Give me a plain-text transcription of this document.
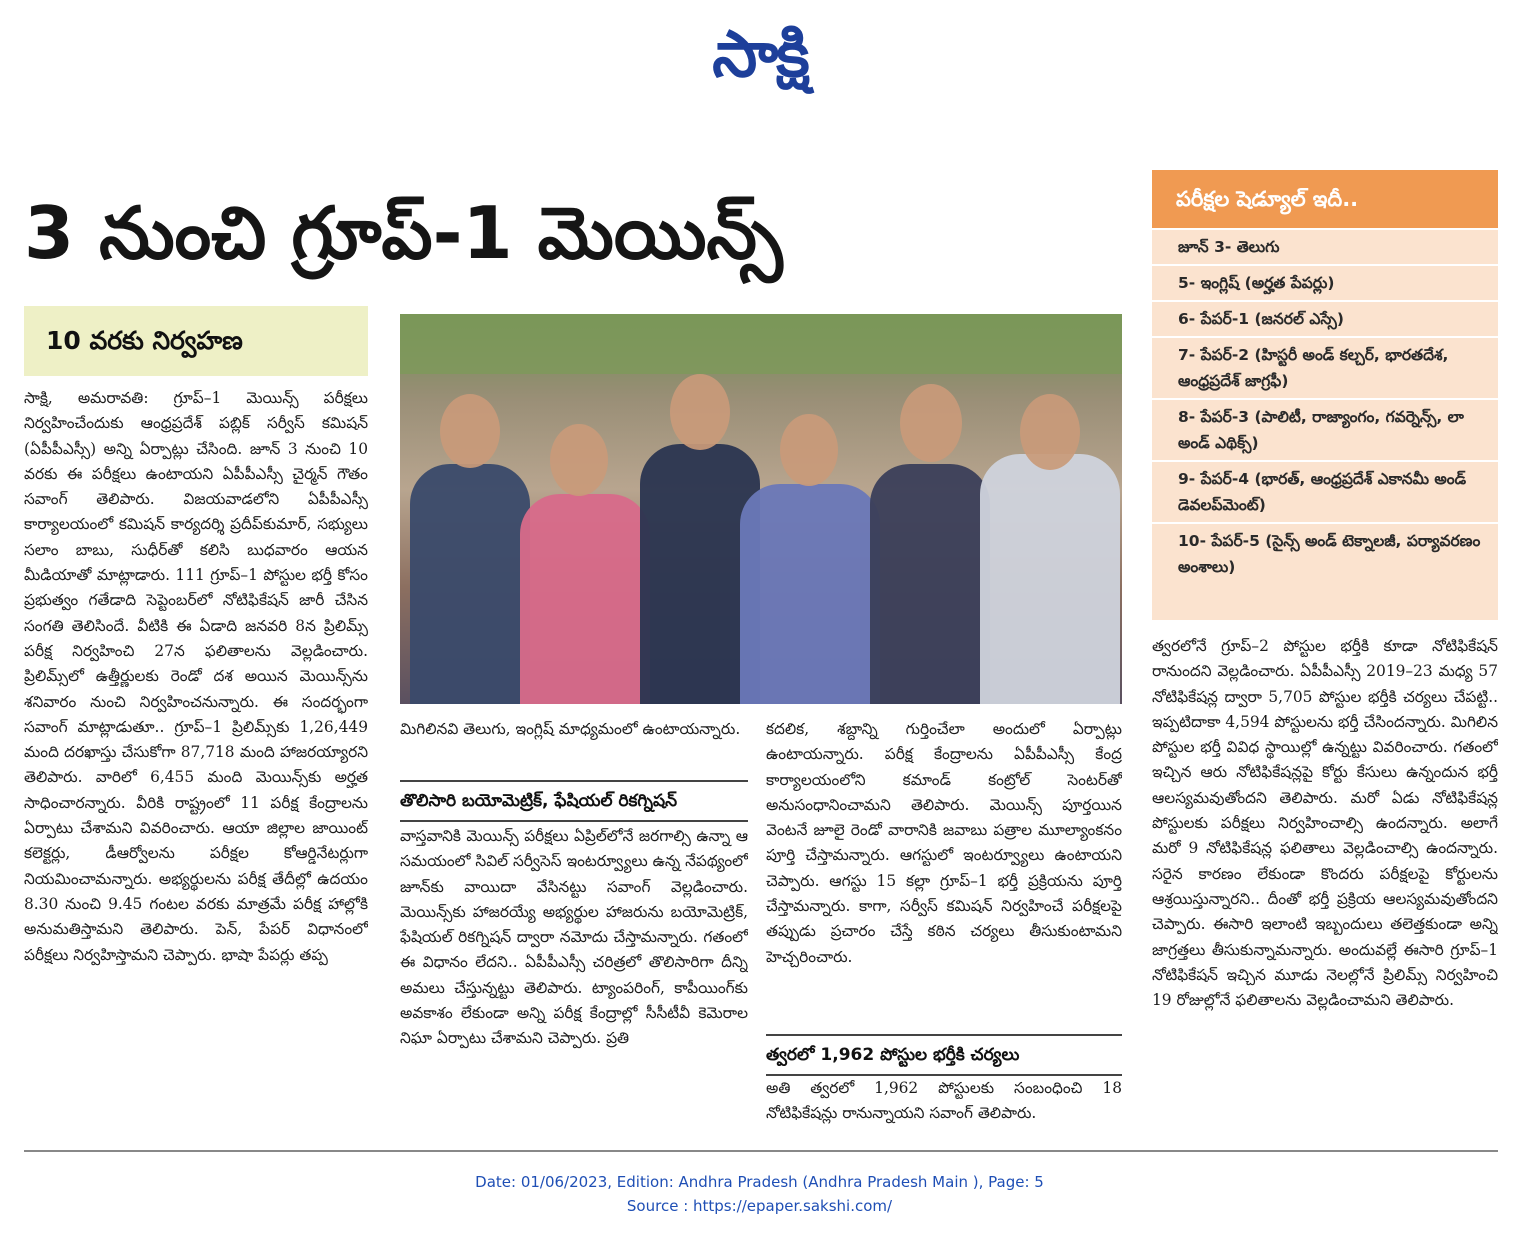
సాక్షి
3 నుంచి గ్రూప్‌-1 మెయిన్స్‌
10 వరకు నిర్వహణ

సాక్షి, అమరావతి: గ్రూప్‌–1 మెయిన్స్‌ పరీక్షలు నిర్వహించేందుకు ఆంధ్రప్రదేశ్‌ పబ్లిక్‌ సర్వీస్‌ కమిషన్‌ (ఏపీపీఎస్సీ) అన్ని ఏర్పాట్లు చేసింది. జూన్‌ 3 నుంచి 10 వరకు ఈ పరీక్షలు ఉంటాయని ఏపీపీఎస్సీ చైర్మన్‌ గౌతం సవాంగ్‌ తెలిపారు. విజయవాడలోని ఏపీపీఎస్సీ కార్యాలయంలో కమిషన్‌ కార్యదర్శి ప్రదీప్‌కుమార్‌, సభ్యులు సలాం బాబు, సుధీర్‌తో కలిసి బుధవారం ఆయన మీడియాతో మాట్లాడారు. 111 గ్రూప్‌–1 పోస్టుల భర్తీ కోసం ప్రభుత్వం గతేడాది సెప్టెంబర్‌లో నోటిఫికేషన్‌ జారీ చేసిన సంగతి తెలిసిందే. వీటికి ఈ ఏడాది జనవరి 8న ప్రిలిమ్స్‌ పరీక్ష నిర్వహించి 27న ఫలితాలను వెల్లడించారు. ప్రిలిమ్స్‌లో ఉత్తీర్ణులకు రెండో దశ అయిన మెయిన్స్‌ను శనివారం నుంచి నిర్వహించనున్నారు. ఈ సందర్భంగా సవాంగ్‌ మాట్లాడుతూ.. గ్రూప్‌–1 ప్రిలిమ్స్‌కు 1,26,449 మంది దరఖాస్తు చేసుకోగా 87,718 మంది హాజరయ్యారని తెలిపారు. వారిలో 6,455 మంది మెయిన్స్‌కు అర్హత సాధించారన్నారు. వీరికి రాష్ట్రంలో 11 పరీక్ష కేంద్రాలను ఏర్పాటు చేశామని వివరించారు. ఆయా జిల్లాల జాయింట్‌ కలెక్టర్లు, డీఆర్వోలను పరీక్షల కోఆర్డినేటర్లుగా నియమించామన్నారు. అభ్యర్థులను పరీక్ష తేదీల్లో ఉదయం 8.30 నుంచి 9.45 గంటల వరకు మాత్రమే పరీక్ష హాల్లోకి అనుమతిస్తామని తెలిపారు. పెన్‌, పేపర్‌ విధానంలో పరీక్షలు నిర్వహిస్తామని చెప్పారు. భాషా పేపర్లు తప్ప

మిగిలినవి తెలుగు, ఇంగ్లిష్‌ మాధ్యమంలో ఉంటాయన్నారు.

తొలిసారి బయోమెట్రిక్‌, ఫేషియల్‌ రికగ్నిషన్‌

వాస్తవానికి మెయిన్స్‌ పరీక్షలు ఏప్రిల్‌లోనే జరగాల్సి ఉన్నా ఆ సమయంలో సివిల్‌ సర్వీసెస్‌ ఇంటర్వ్యూలు ఉన్న నేపథ్యంలో జూన్‌కు వాయిదా వేసినట్టు సవాంగ్‌ వెల్లడించారు. మెయిన్స్‌కు హాజరయ్యే అభ్యర్థుల హాజరును బయోమెట్రిక్‌, ఫేషియల్‌ రికగ్నిషన్‌ ద్వారా నమోదు చేస్తామన్నారు. గతంలో ఈ విధానం లేదని.. ఏపీపీఎస్సీ చరిత్రలో తొలిసారిగా దీన్ని అమలు చేస్తున్నట్టు తెలిపారు. ట్యాంపరింగ్‌, కాపీయింగ్‌కు అవకాశం లేకుండా అన్ని పరీక్ష కేంద్రాల్లో సీసీటీవీ కెమెరాల నిఘా ఏర్పాటు చేశామని చెప్పారు. ప్రతి

కదలిక, శబ్దాన్ని గుర్తించేలా అందులో ఏర్పాట్లు ఉంటాయన్నారు. పరీక్ష కేంద్రాలను ఏపీపీఎస్సీ కేంద్ర కార్యాలయంలోని కమాండ్‌ కంట్రోల్‌ సెంటర్‌తో అనుసంధానించామని తెలిపారు. మెయిన్స్‌ పూర్తయిన వెంటనే జూలై రెండో వారానికి జవాబు పత్రాల మూల్యాంకనం పూర్తి చేస్తామన్నారు. ఆగస్టులో ఇంటర్వ్యూలు ఉంటాయని చెప్పారు. ఆగస్టు 15 కల్లా గ్రూప్‌–1 భర్తీ ప్రక్రియను పూర్తి చేస్తామన్నారు. కాగా, సర్వీస్‌ కమిషన్‌ నిర్వహించే పరీక్షలపై తప్పుడు ప్రచారం చేస్తే కఠిన చర్యలు తీసుకుంటామని హెచ్చరించారు.

త్వరలో 1,962 పోస్టుల భర్తీకి చర్యలు

అతి త్వరలో 1,962 పోస్టులకు సంబంధించి 18 నోటిఫికేషన్లు రానున్నాయని సవాంగ్‌ తెలిపారు.

పరీక్షల షెడ్యూల్‌ ఇదీ..
జూన్‌ 3- తెలుగు
5- ఇంగ్లిష్‌ (అర్హత పేపర్లు)
6- పేపర్‌-1 (జనరల్‌ ఎస్సే)
7- పేపర్‌-2 (హిస్టరీ అండ్‌ కల్చర్‌, భారతదేశ, ఆంధ్రప్రదేశ్‌ జాగ్రఫీ)
8- పేపర్‌-3 (పాలిటీ, రాజ్యాంగం, గవర్నెన్స్‌, లా అండ్‌ ఎథిక్స్‌)
9- పేపర్‌-4 (భారత్‌, ఆంధ్రప్రదేశ్‌ ఎకానమీ అండ్‌ డెవలప్‌మెంట్‌)
10- పేపర్‌-5 (సైన్స్‌ అండ్‌ టెక్నాలజీ, పర్యావరణం అంశాలు)

త్వరలోనే గ్రూప్‌–2 పోస్టుల భర్తీకి కూడా నోటిఫికేషన్‌ రానుందని వెల్లడించారు. ఏపీపీఎస్సీ 2019–23 మధ్య 57 నోటిఫికేషన్ల ద్వారా 5,705 పోస్టుల భర్తీకి చర్యలు చేపట్టి.. ఇప్పటిదాకా 4,594 పోస్టులను భర్తీ చేసిందన్నారు. మిగిలిన పోస్టుల భర్తీ వివిధ స్థాయిల్లో ఉన్నట్టు వివరించారు. గతంలో ఇచ్చిన ఆరు నోటిఫికేషన్లపై కోర్టు కేసులు ఉన్నందున భర్తీ ఆలస్యమవుతోందని తెలిపారు. మరో ఏడు నోటిఫికేషన్ల పోస్టులకు పరీక్షలు నిర్వహించాల్సి ఉందన్నారు. అలాగే మరో 9 నోటిఫికేషన్ల ఫలితాలు వెల్లడించాల్సి ఉందన్నారు. సరైన కారణం లేకుండా కొందరు పరీక్షలపై కోర్టులను ఆశ్రయిస్తున్నారని.. దీంతో భర్తీ ప్రక్రియ ఆలస్యమవుతోందని చెప్పారు. ఈసారి ఇలాంటి ఇబ్బందులు తలెత్తకుండా అన్ని జాగ్రత్తలు తీసుకున్నామన్నారు. అందువల్లే ఈసారి గ్రూప్‌–1 నోటిఫికేషన్‌ ఇచ్చిన మూడు నెలల్లోనే ప్రిలిమ్స్‌ నిర్వహించి 19 రోజుల్లోనే ఫలితాలను వెల్లడించామని తెలిపారు.

Date: 01/06/2023, Edition: Andhra Pradesh (Andhra Pradesh Main ), Page: 5
Source : https://epaper.sakshi.com/
